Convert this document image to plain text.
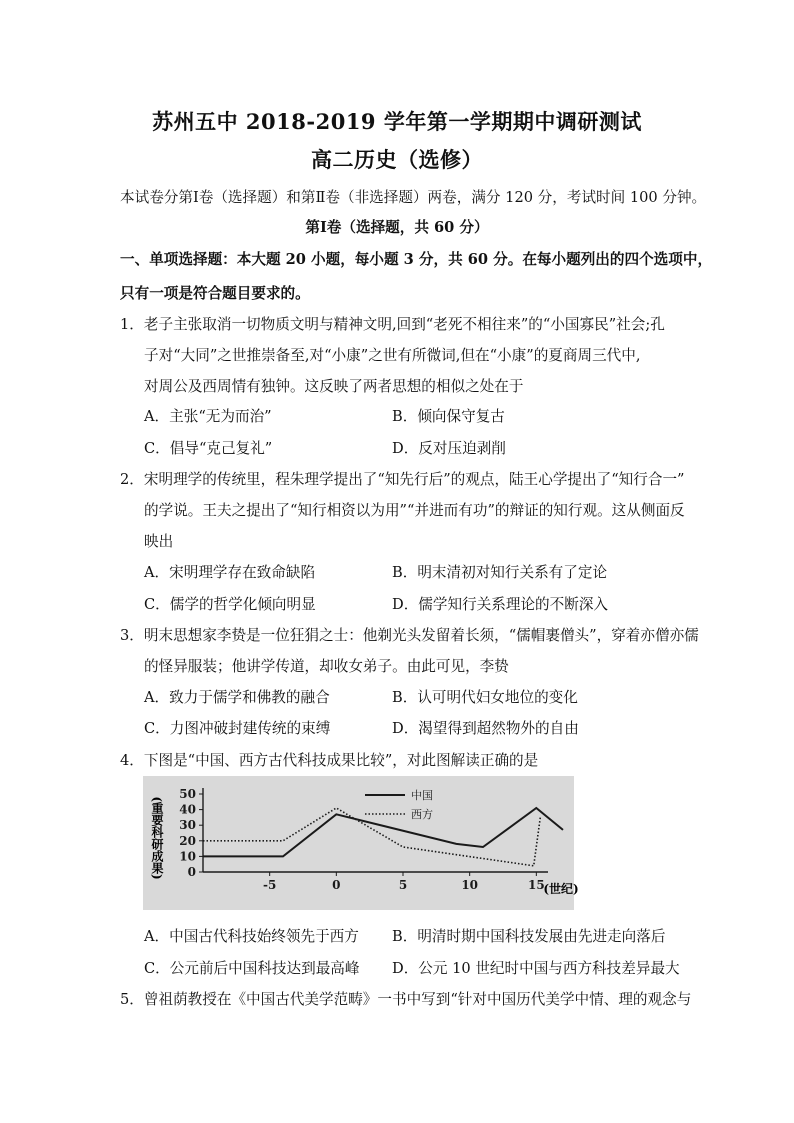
苏州五中 2018-2019 学年第一学期期中调研测试
高二历史（选修）
本试卷分第Ⅰ卷（选择题）和第Ⅱ卷（非选择题）两卷，满分 120 分，考试时间 100 分钟。
第Ⅰ卷（选择题，共 60 分）
一、单项选择题：本大题 20 小题，每小题 3 分，共 60 分。在每小题列出的四个选项中，
只有一项是符合题目要求的。
1．老子主张取消一切物质文明与精神文明,回到“老死不相往来”的“小国寡民”社会;孔
子对“大同”之世推崇备至,对“小康”之世有所微词,但在“小康”的夏商周三代中,
对周公及西周情有独钟。这反映了两者思想的相似之处在于
A．主张“无为而治”	B．倾向保守复古
C．倡导“克己复礼”	D．反对压迫剥削
2．宋明理学的传统里，程朱理学提出了“知先行后”的观点，陆王心学提出了“知行合一”
的学说。王夫之提出了“知行相资以为用”“并进而有功”的辩证的知行观。这从侧面反
映出
A．宋明理学存在致命缺陷	B．明末清初对知行关系有了定论
C．儒学的哲学化倾向明显	D．儒学知行关系理论的不断深入
3．明末思想家李贽是一位狂狷之士：他剃光头发留着长须，“儒帽裹僧头”，穿着亦僧亦儒
的怪异服装；他讲学传道，却收女弟子。由此可见，李贽
A．致力于儒学和佛教的融合	B．认可明代妇女地位的变化
C．力图冲破封建传统的束缚	D．渴望得到超然物外的自由
4．下图是“中国、西方古代科技成果比较”，对此图解读正确的是
0
10
20
30
40
50
-5	0	5	10	15
中国
西方
(重要科研成果)
(世纪)
A．中国古代科技始终领先于西方 B．明清时期中国科技发展由先进走向落后
C．公元前后中国科技达到最高峰 D．公元 10 世纪时中国与西方科技差异最大
5．曾祖荫教授在《中国古代美学范畴》一书中写到“针对中国历代美学中情、理的观念与
